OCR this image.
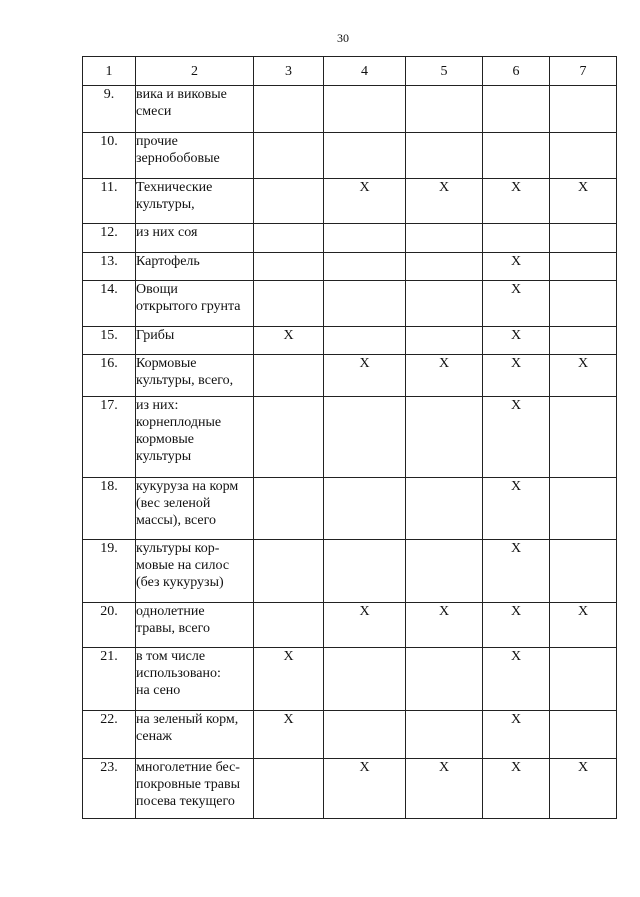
30
1	2	3	4	5	6	7
9.	вика и виковые
смеси					

10.	прочие
зернобобовые					

11.	Технические
культуры,		X	X	X	X
12.	из них соя					

13.	Картофель				X	
14.	Овощи
открытого грунта				X	
15.	Грибы	X			X	
16.	Кормовые
культуры, всего,		X	X	X	X
17.	из них:
корнеплодные
кормовые
культуры				X	
18.	кукуруза на корм
(вес зеленой
массы), всего				X	
19.	культуры кор-
мовые на силос
(без кукурузы)				X	
20.	однолетние
травы, всего		X	X	X	X
21.	в том числе
использовано:
на сено	X			X	
22.	на зеленый корм,
сенаж	X			X	
23.	многолетние бес-
покровные травы
посева текущего		X	X	X	X
